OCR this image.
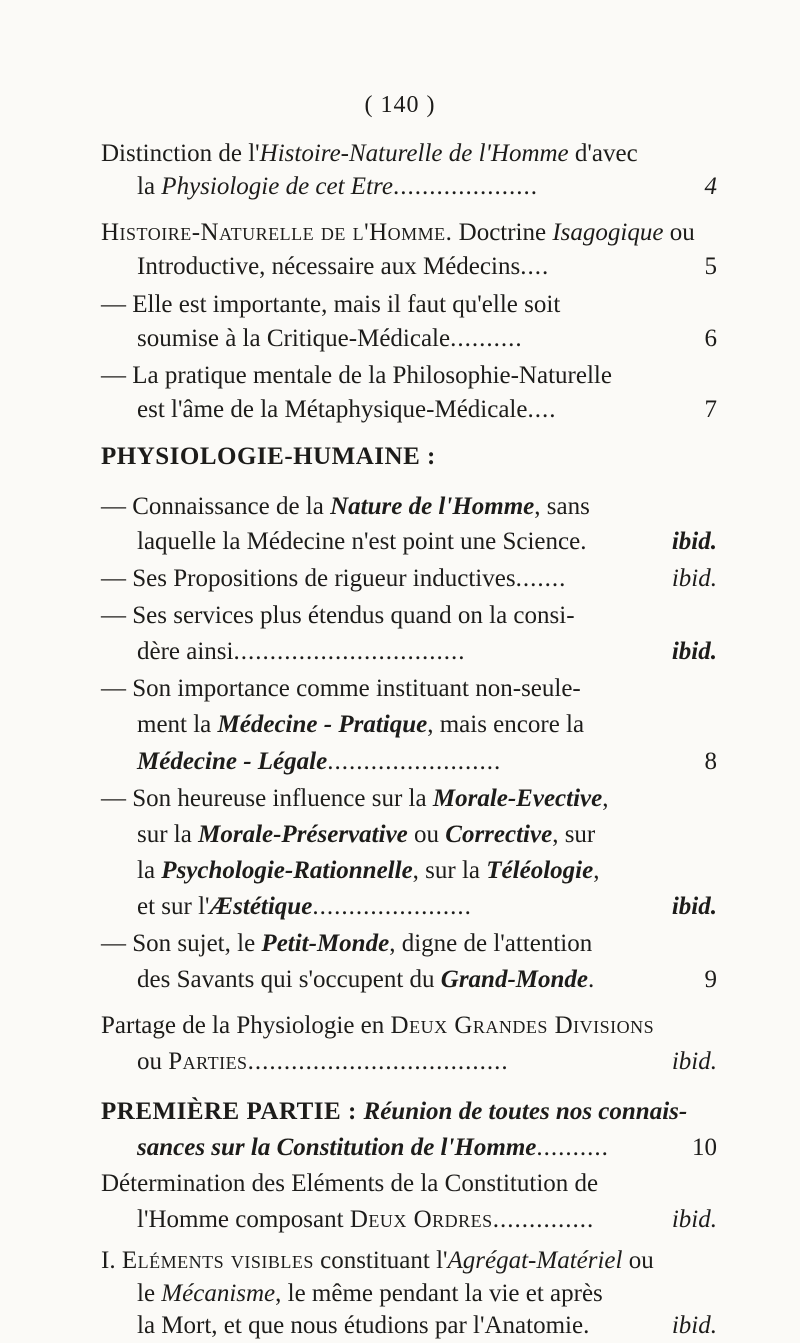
( 140 )
Distinction de l'Histoire-Naturelle de l'Homme d'avec
la Physiologie de cet Etre....................	4
Histoire-Naturelle de l'Homme. Doctrine Isagogique ou
Introductive, nécessaire aux Médecins....	5
— Elle est importante, mais il faut qu'elle soit
soumise à la Critique-Médicale..........	6
— La pratique mentale de la Philosophie-Naturelle
est l'âme de la Métaphysique-Médicale....	7
PHYSIOLOGIE-HUMAINE :
— Connaissance de la Nature de l'Homme, sans
laquelle la Médecine n'est point une Science.	ibid.
— Ses Propositions de rigueur inductives.......	ibid.
— Ses services plus étendus quand on la consi-
dère ainsi................................	ibid.
— Son importance comme instituant non-seule-
ment la Médecine - Pratique, mais encore la
Médecine - Légale........................	8
— Son heureuse influence sur la Morale-Evective,
sur la Morale-Préservative ou Corrective, sur
la Psychologie-Rationnelle, sur la Téléologie,
et sur l'Æstétique......................	ibid.
— Son sujet, le Petit-Monde, digne de l'attention
des Savants qui s'occupent du Grand-Monde.	9
Partage de la Physiologie en Deux Grandes Divisions
ou Parties....................................	ibid.
PREMIÈRE PARTIE : Réunion de toutes nos connais-
sances sur la Constitution de l'Homme..........	10
Détermination des Eléments de la Constitution de
l'Homme composant Deux Ordres..............	ibid.
I. Eléments visibles constituant l'Agrégat-Matériel ou
le Mécanisme, le même pendant la vie et après
la Mort, et que nous étudions par l'Anatomie.	ibid.
